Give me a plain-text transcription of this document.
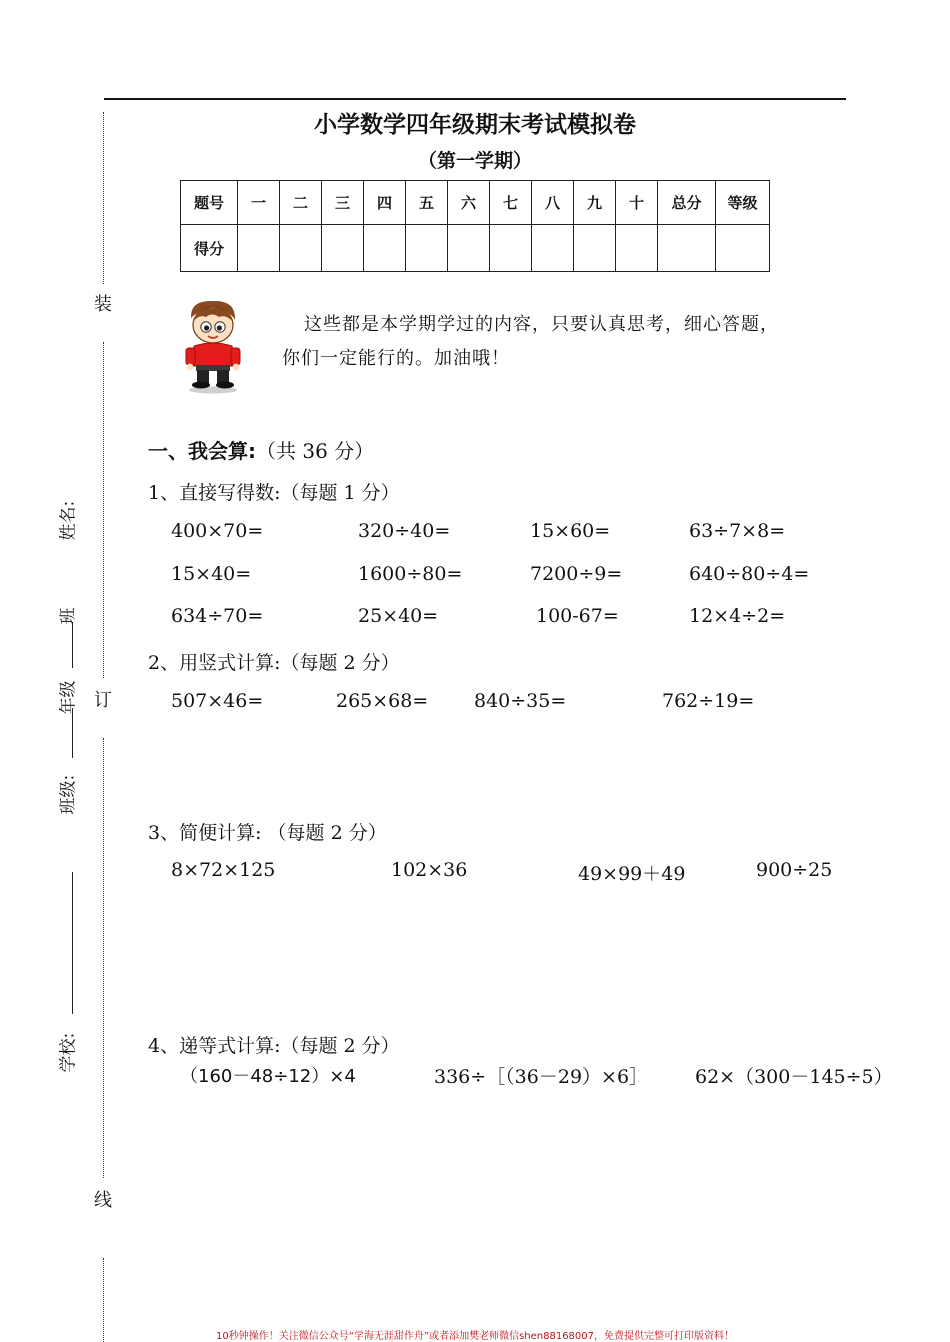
装
订
线
姓名:
班
年级
班级:
学校:
小学数学四年级期末考试模拟卷
（第一学期）
题号	一	二	三	四	五	六	七	八	九	十	总分	等级
得分												
这些都是本学期学过的内容，只要认真思考，细心答题，
你们一定能行的。加油哦！
一、我会算:（共 36 分）
1、直接写得数:（每题 1 分）
400×70=	320÷40=	15×60=	63÷7×8=
15×40=	1600÷80=	7200÷9=	640÷80÷4=
634÷70=	25×40=	100-67=	12×4÷2=
2、用竖式计算:（每题 2 分）
507×46=	265×68= 840÷35=	762÷19=
3、简便计算: （每题 2 分）
8×72×125	102×36	49×99＋49	900÷25
4、递等式计算:（每题 2 分）
（160－48÷12）×4	336÷［（36－29）×6］ 62×（300－145÷5）
10秒钟操作！关注微信公众号“学海无涯甜作舟”或者添加樊老师微信shen88168007，免费提供完整可打印版资料！
